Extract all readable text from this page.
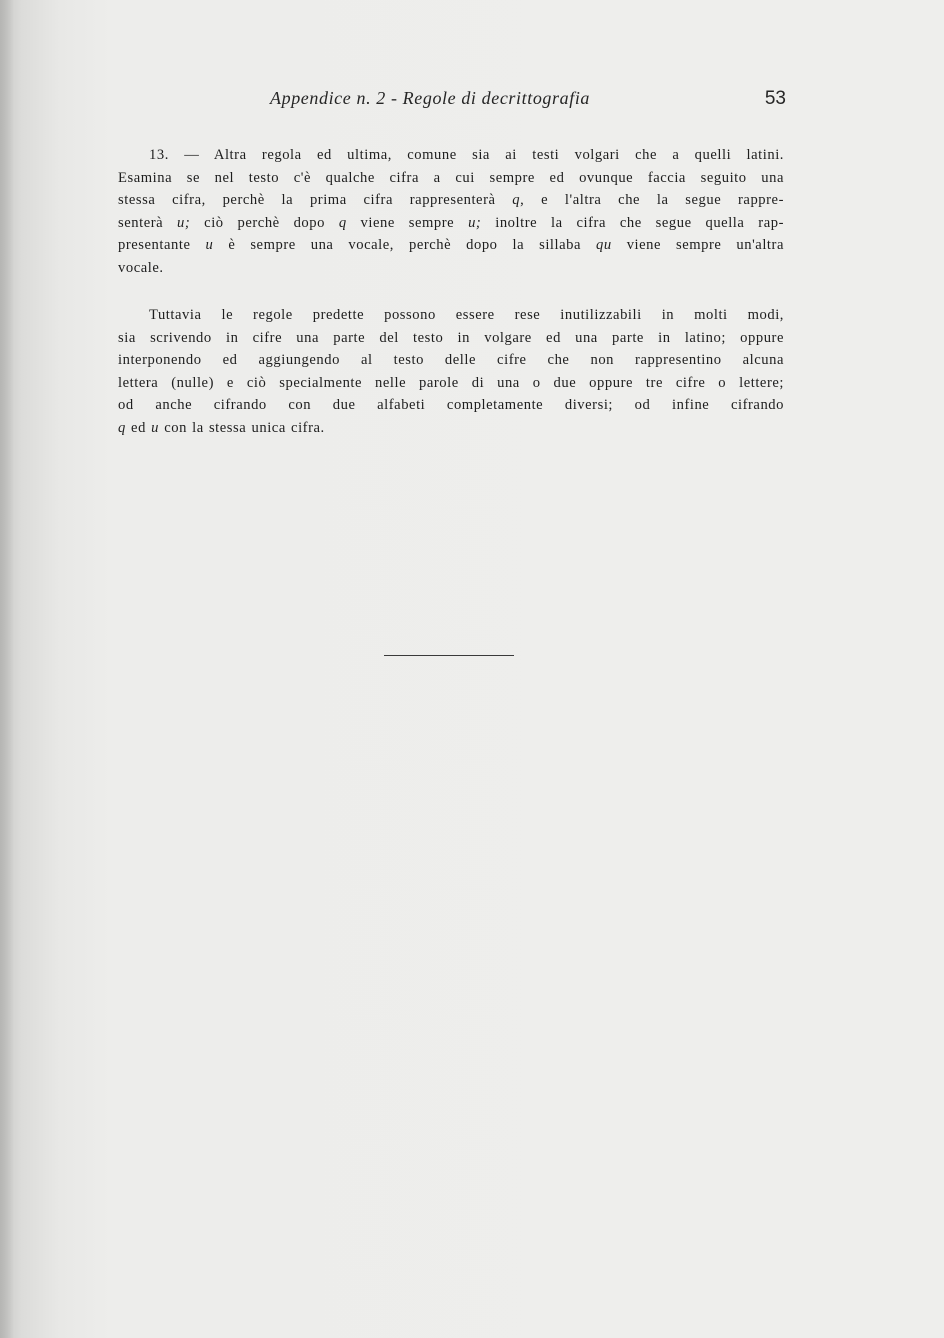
Appendice n. 2 - Regole di decrittografia	53

13. — Altra regola ed ultima, comune sia ai testi volgari che a quelli latini.
Esamina se nel testo c'è qualche cifra a cui sempre ed ovunque faccia seguito una
stessa cifra, perchè la prima cifra rappresenterà q, e l'altra che la segue rappre-
senterà u; ciò perchè dopo q viene sempre u; inoltre la cifra che segue quella rap-
presentante u è sempre una vocale, perchè dopo la sillaba qu viene sempre un'altra
vocale.

Tuttavia le regole predette possono essere rese inutilizzabili in molti modi,
sia scrivendo in cifre una parte del testo in volgare ed una parte in latino; oppure
interponendo ed aggiungendo al testo delle cifre che non rappresentino alcuna
lettera (nulle) e ciò specialmente nelle parole di una o due oppure tre cifre o lettere;
od anche cifrando con due alfabeti completamente diversi; od infine cifrando
q ed u con la stessa unica cifra.
